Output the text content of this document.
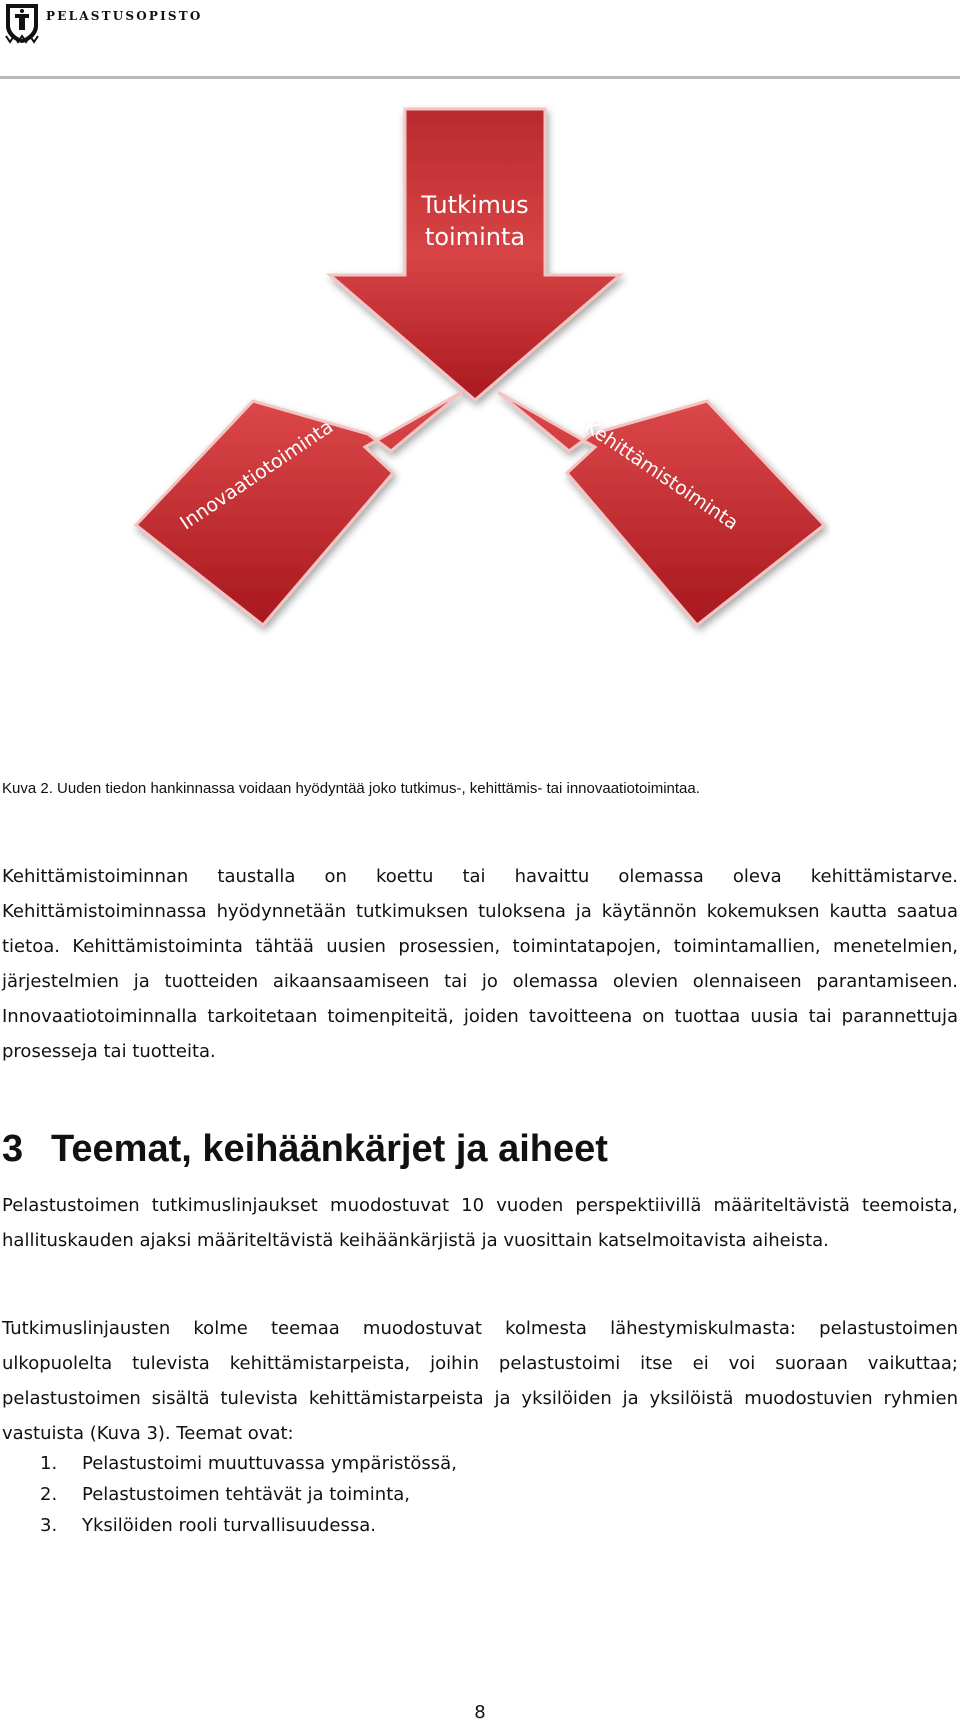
PELASTUSOPISTO
Tutkimus
toiminta
Innovaatiotoiminta	Kehittämistoiminta
Kuva 2. Uuden tiedon hankinnassa voidaan hyödyntää joko tutkimus-, kehittämis- tai innovaatiotoimintaa.

Kehittämistoiminnan taustalla on koettu tai havaittu olemassa oleva kehittämistarve. Kehittämistoiminnassa hyödynnetään tutkimuksen tuloksena ja käytännön kokemuksen kautta saatua tietoa. Kehittämistoiminta tähtää uusien prosessien, toimintatapojen, toimintamallien, menetelmien, järjestelmien ja tuotteiden aikaansaamiseen tai jo olemassa olevien olennaiseen parantamiseen. Innovaatiotoiminnalla tarkoitetaan toimenpiteitä, joiden tavoitteena on tuottaa uusia tai parannettuja prosesseja tai tuotteita.

3 Teemat, keihäänkärjet ja aiheet

Pelastustoimen tutkimuslinjaukset muodostuvat 10 vuoden perspektiivillä määriteltävistä teemoista, hallituskauden ajaksi määriteltävistä keihäänkärjistä ja vuosittain katselmoitavista aiheista.

Tutkimuslinjausten kolme teemaa muodostuvat kolmesta lähestymiskulmasta: pelastustoimen ulkopuolelta tulevista kehittämistarpeista, joihin pelastustoimi itse ei voi suoraan vaikuttaa; pelastustoimen sisältä tulevista kehittämistarpeista ja yksilöiden ja yksilöistä muodostuvien ryhmien vastuista (Kuva 3). Teemat ovat:

1.	Pelastustoimi muuttuvassa ympäristössä,
2.	Pelastustoimen tehtävät ja toiminta,
3.	Yksilöiden rooli turvallisuudessa.
8
